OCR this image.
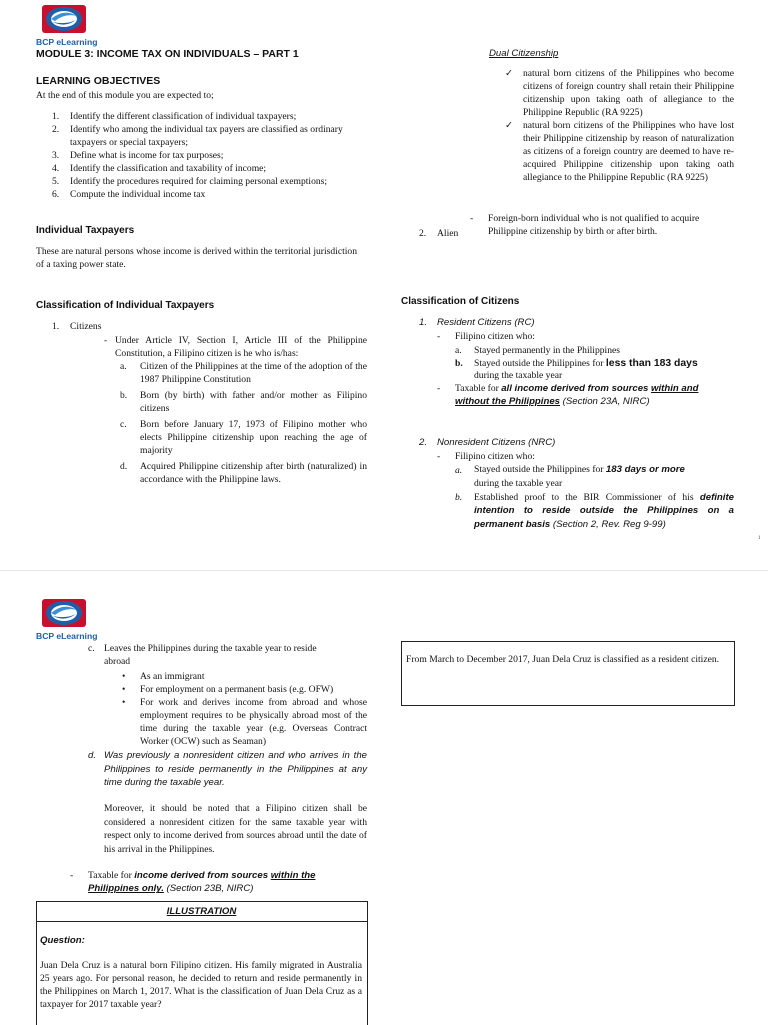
BCP eLearning
MODULE 3: INCOME TAX ON INDIVIDUALS – PART 1
LEARNING OBJECTIVES
At the end of this module you are expected to;
1. Identify the different classification of individual taxpayers;
2. Identify who among the individual tax payers are classified as ordinary taxpayers or special taxpayers;
3. Define what is income for tax purposes;
4. Identify the classification and taxability of income;
5. Identify the procedures required for claiming personal exemptions;
6. Compute the individual income tax
Individual Taxpayers
These are natural persons whose income is derived within the territorial jurisdiction of a taxing power state.
Classification of Individual Taxpayers
1. Citizens
- Under Article IV, Section I, Article III of the Philippine Constitution, a Filipino citizen is he who is/has:
a. Citizen of the Philippines at the time of the adoption of the 1987 Philippine Constitution
b. Born (by birth) with father and/or mother as Filipino citizens
c. Born before January 17, 1973 of Filipino mother who elects Philippine citizenship upon reaching the age of majority
d. Acquired Philippine citizenship after birth (naturalized) in accordance with the Philippine laws.
Dual Citizenship
✓ natural born citizens of the Philippines who become citizens of foreign country shall retain their Philippine citizenship upon taking oath of allegiance to the Philippine Republic (RA 9225)
✓ natural born citizens of the Philippines who have lost their Philippine citizenship by reason of naturalization as citizens of a foreign country are deemed to have re- acquired Philippine citizenship upon taking oath allegiance to the Philippine Republic (RA 9225)
- Foreign-born individual who is not qualified to acquire Philippine citizenship by birth or after birth.
2. Alien
Classification of Citizens
1. Resident Citizens (RC)
- Filipino citizen who:
a. Stayed permanently in the Philippines
b. Stayed outside the Philippines for less than 183 days
during the taxable year
- Taxable for all income derived from sources within and without the Philippines (Section 23A, NIRC)
2. Nonresident Citizens (NRC)
- Filipino citizen who:
a. Stayed outside the Philippines for 183 days or more
during the taxable year
b. Established proof to the BIR Commissioner of his definite intention to reside outside the Philippines on a permanent basis (Section 2, Rev. Reg 9-99)
1
BCP eLearning
c. Leaves the Philippines during the taxable year to reside abroad
• As an immigrant
• For employment on a permanent basis (e.g. OFW)
• For work and derives income from abroad and whose employment requires to be physically abroad most of the time during the taxable year (e.g. Overseas Contract Worker (OCW) such as Seaman)
d. Was previously a nonresident citizen and who arrives in the Philippines to reside permanently in the Philippines at any time during the taxable year.
Moreover, it should be noted that a Filipino citizen shall be considered a nonresident citizen for the same taxable year with respect only to income derived from sources abroad until the date of his arrival in the Philippines.
- Taxable for income derived from sources within the Philippines only. (Section 23B, NIRC)
ILLUSTRATION
Question:
Juan Dela Cruz is a natural born Filipino citizen. His family migrated in Australia 25 years ago. For personal reason, he decided to return and reside permanently in the Philippines on March 1, 2017. What is the classification of Juan Dela Cruz as a taxpayer for 2017 taxable year?
From March to December 2017, Juan Dela Cruz is classified as a resident citizen.
